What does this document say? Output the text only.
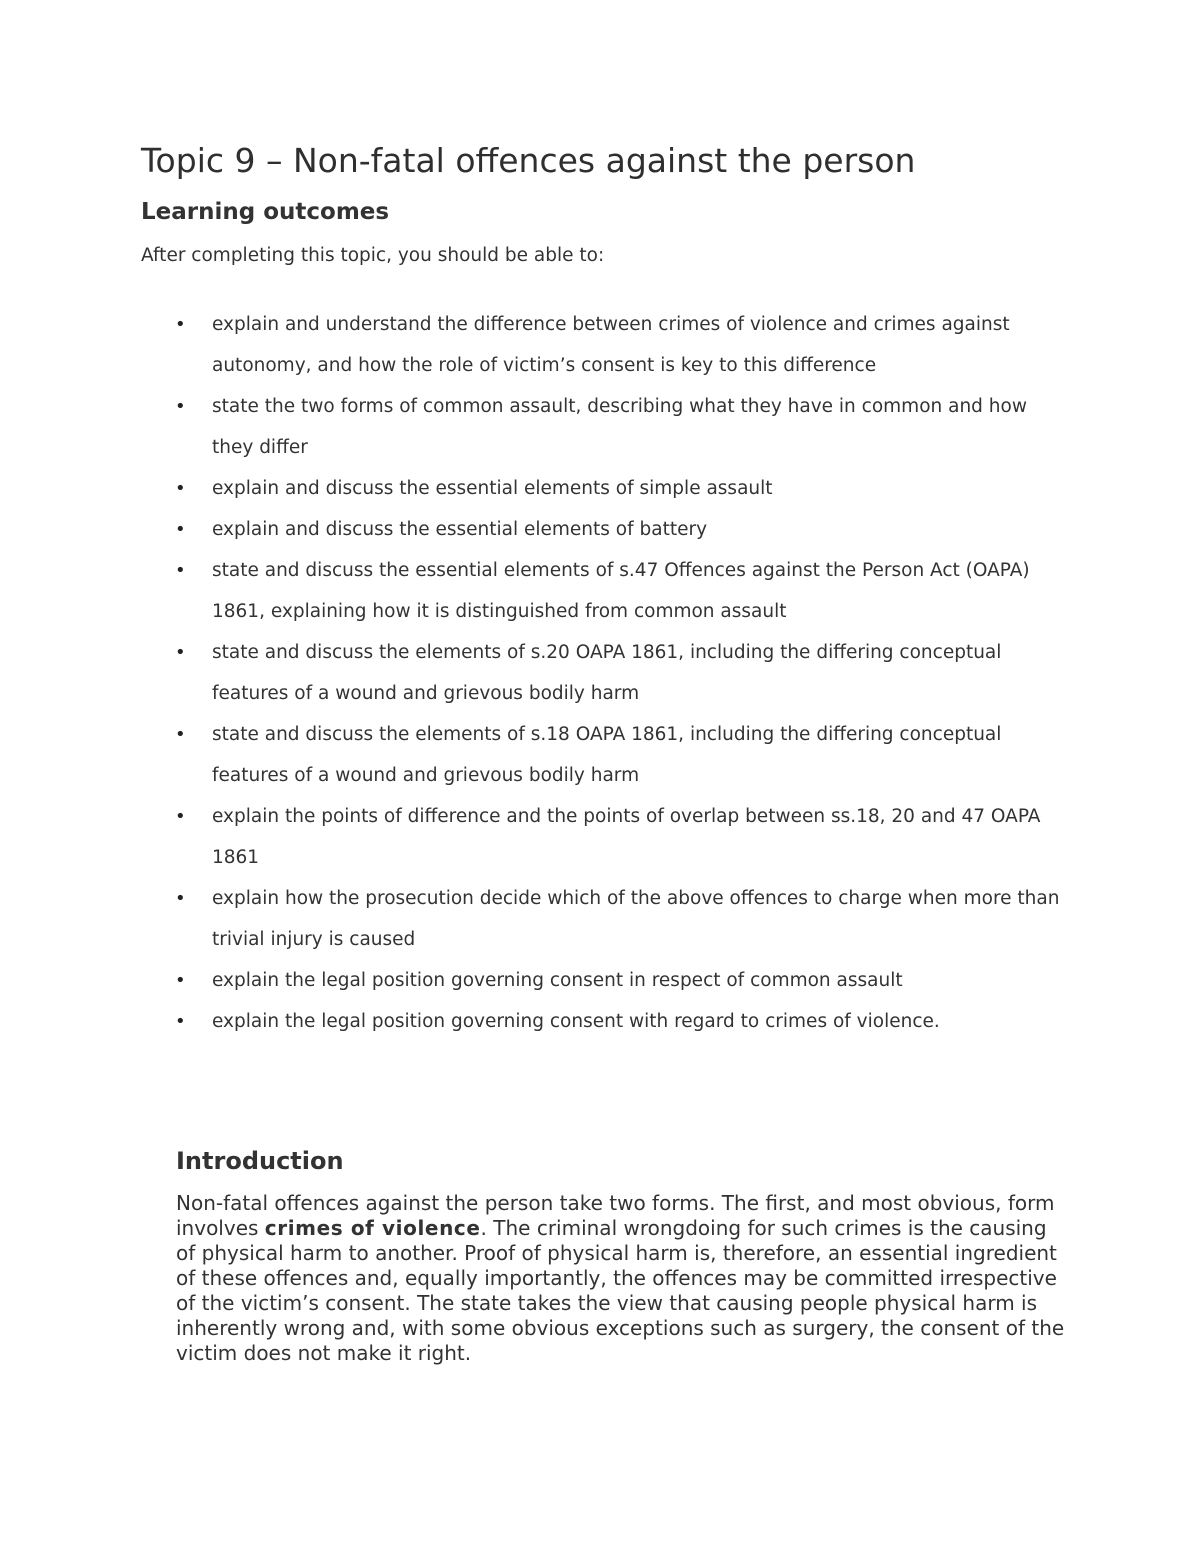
Topic 9 – Non-fatal offences against the person
Learning outcomes

After completing this topic, you should be able to:

• explain and understand the difference between crimes of violence and crimes against autonomy, and how the role of victim’s consent is key to this difference
• state the two forms of common assault, describing what they have in common and how they differ
• explain and discuss the essential elements of simple assault
• explain and discuss the essential elements of battery
• state and discuss the essential elements of s.47 Offences against the Person Act (OAPA) 1861, explaining how it is distinguished from common assault
• state and discuss the elements of s.20 OAPA 1861, including the differing conceptual features of a wound and grievous bodily harm
• state and discuss the elements of s.18 OAPA 1861, including the differing conceptual features of a wound and grievous bodily harm
• explain the points of difference and the points of overlap between ss.18, 20 and 47 OAPA 1861
• explain how the prosecution decide which of the above offences to charge when more than trivial injury is caused
• explain the legal position governing consent in respect of common assault
• explain the legal position governing consent with regard to crimes of violence.
Introduction

Non-fatal offences against the person take two forms. The first, and most obvious, form involves crimes of violence. The criminal wrongdoing for such crimes is the causing of physical harm to another. Proof of physical harm is, therefore, an essential ingredient of these offences and, equally importantly, the offences may be committed irrespective of the victim’s consent. The state takes the view that causing people physical harm is inherently wrong and, with some obvious exceptions such as surgery, the consent of the victim does not make it right.
